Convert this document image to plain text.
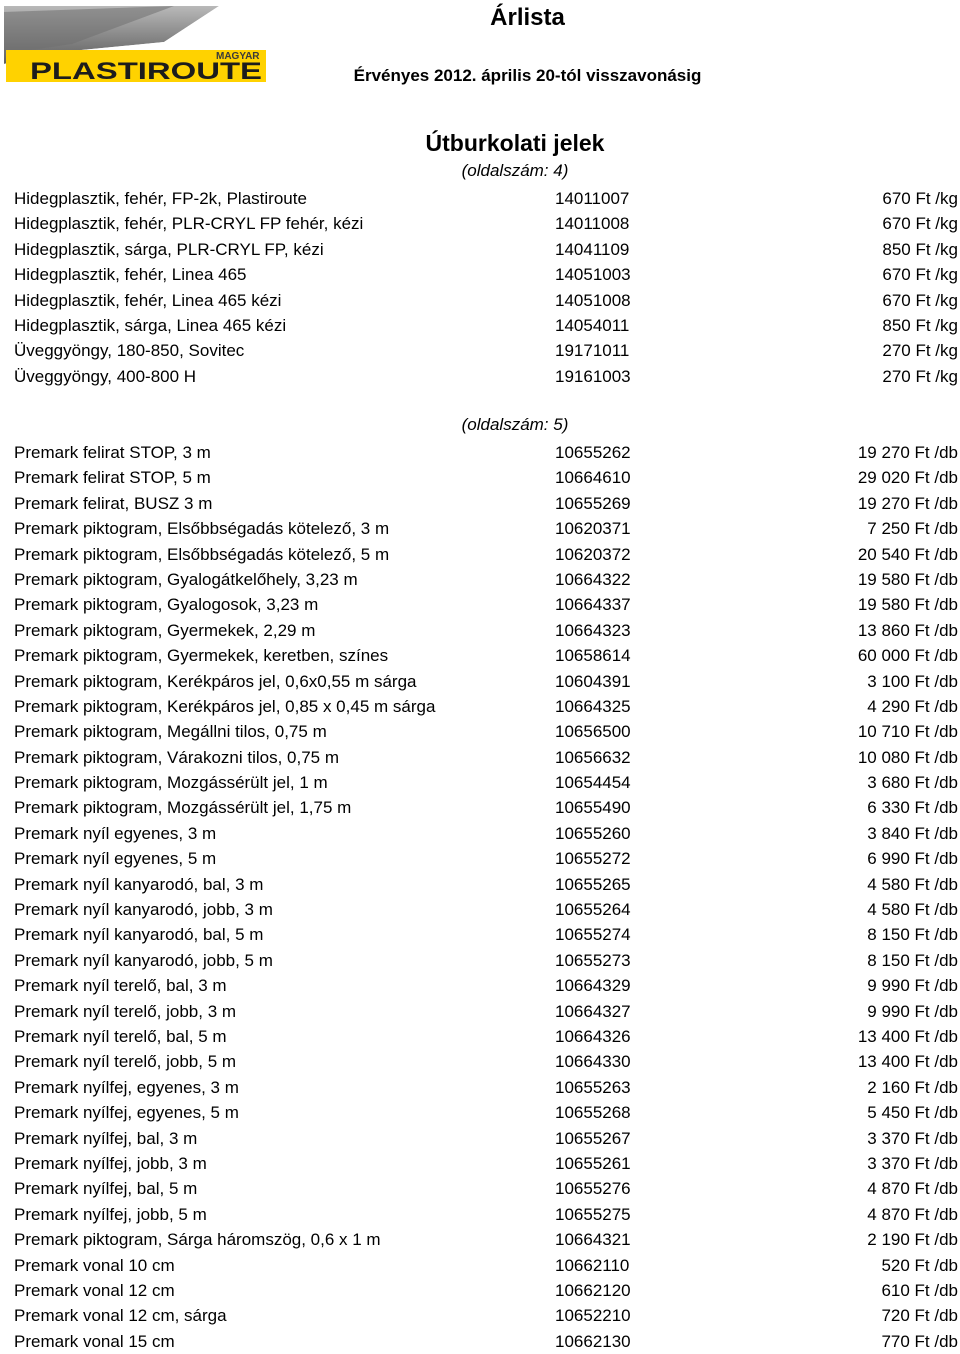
MAGYAR
PLASTIROUTE
Árlista
Érvényes 2012. április 20-tól visszavonásig
Útburkolati jelek
(oldalszám: 4)
Hidegplasztik, fehér, FP-2k, Plastiroute	14011007	670 Ft /kg
Hidegplasztik, fehér, PLR-CRYL FP fehér, kézi	14011008	670 Ft /kg
Hidegplasztik, sárga, PLR-CRYL FP, kézi	14041109	850 Ft /kg
Hidegplasztik, fehér, Linea 465	14051003	670 Ft /kg
Hidegplasztik, fehér, Linea 465 kézi	14051008	670 Ft /kg
Hidegplasztik, sárga, Linea 465 kézi	14054011	850 Ft /kg
Üveggyöngy, 180-850, Sovitec	19171011	270 Ft /kg
Üveggyöngy, 400-800 H	19161003	270 Ft /kg
(oldalszám: 5)
Premark felirat STOP, 3 m	10655262	19 270 Ft /db
Premark felirat STOP, 5 m	10664610	29 020 Ft /db
Premark felirat, BUSZ 3 m	10655269	19 270 Ft /db
Premark piktogram, Elsőbbségadás kötelező, 3 m	10620371	7 250 Ft /db
Premark piktogram, Elsőbbségadás kötelező, 5 m	10620372	20 540 Ft /db
Premark piktogram, Gyalogátkelőhely, 3,23 m	10664322	19 580 Ft /db
Premark piktogram, Gyalogosok, 3,23 m	10664337	19 580 Ft /db
Premark piktogram, Gyermekek, 2,29 m	10664323	13 860 Ft /db
Premark piktogram, Gyermekek, keretben, színes	10658614	60 000 Ft /db
Premark piktogram, Kerékpáros jel, 0,6x0,55 m sárga	10604391	3 100 Ft /db
Premark piktogram, Kerékpáros jel, 0,85 x 0,45 m sárga	10664325	4 290 Ft /db
Premark piktogram, Megállni tilos, 0,75 m	10656500	10 710 Ft /db
Premark piktogram, Várakozni tilos, 0,75 m	10656632	10 080 Ft /db
Premark piktogram, Mozgássérült jel, 1 m	10654454	3 680 Ft /db
Premark piktogram, Mozgássérült jel, 1,75 m	10655490	6 330 Ft /db
Premark nyíl egyenes, 3 m	10655260	3 840 Ft /db
Premark nyíl egyenes, 5 m	10655272	6 990 Ft /db
Premark nyíl kanyarodó, bal, 3 m	10655265	4 580 Ft /db
Premark nyíl kanyarodó, jobb, 3 m	10655264	4 580 Ft /db
Premark nyíl kanyarodó, bal, 5 m	10655274	8 150 Ft /db
Premark nyíl kanyarodó, jobb, 5 m	10655273	8 150 Ft /db
Premark nyíl terelő, bal, 3 m	10664329	9 990 Ft /db
Premark nyíl terelő, jobb, 3 m	10664327	9 990 Ft /db
Premark nyíl terelő, bal, 5 m	10664326	13 400 Ft /db
Premark nyíl terelő, jobb, 5 m	10664330	13 400 Ft /db
Premark nyílfej, egyenes, 3 m	10655263	2 160 Ft /db
Premark nyílfej, egyenes, 5 m	10655268	5 450 Ft /db
Premark nyílfej, bal, 3 m	10655267	3 370 Ft /db
Premark nyílfej, jobb, 3 m	10655261	3 370 Ft /db
Premark nyílfej, bal, 5 m	10655276	4 870 Ft /db
Premark nyílfej, jobb, 5 m	10655275	4 870 Ft /db
Premark piktogram, Sárga háromszög, 0,6 x 1 m	10664321	2 190 Ft /db
Premark vonal 10 cm	10662110	520 Ft /db
Premark vonal 12 cm	10662120	610 Ft /db
Premark vonal 12 cm, sárga	10652210	720 Ft /db
Premark vonal 15 cm	10662130	770 Ft /db
